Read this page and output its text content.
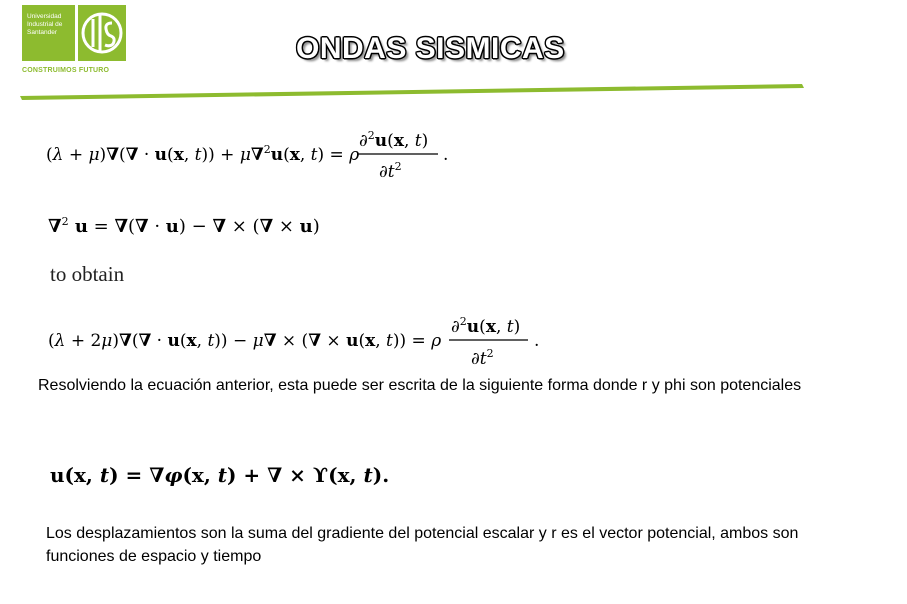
Universidad
Industrial de
Santander
CONSTRUIMOS FUTURO
ONDAS SISMICAS
(λ + μ)∇(∇ · u(x, t)) + μ∇$^2$u(x, t) = ρ
∂$^2$u(x, t)
$\partial t^2$
.
∇$^2$ u = ∇(∇ · u) − ∇ × (∇ × u)
to obtain
(λ + 2μ)∇(∇ · u(x, t)) − μ∇ × (∇ × u(x, t)) = ρ
∂$^2$u(x, t)
$\partial t^2$
.
Resolviendo la ecuación anterior, esta puede ser escrita de la siguiente forma donde r y phi son potenciales
u(x, t) = ∇φ(x, t) + ∇ × ϒ(x, t).
Los desplazamientos son la suma del gradiente del potencial escalar y r es el vector potencial, ambos son funciones de espacio y tiempo
